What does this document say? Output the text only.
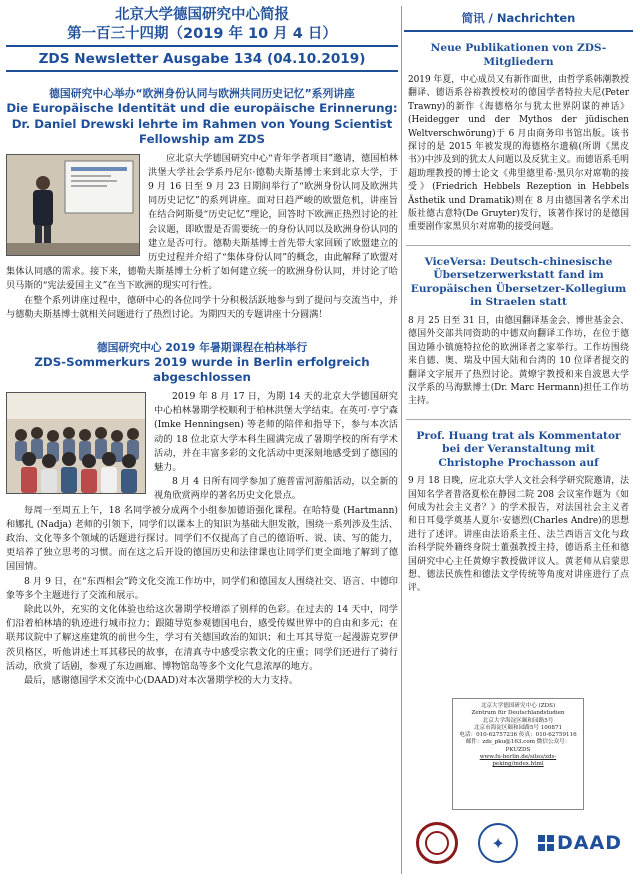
北京大学德国研究中心简报
第一百三十四期（2019 年 10 月 4 日）
ZDS Newsletter Ausgabe 134 (04.10.2019)
德国研究中心举办“欧洲身份认同与欧洲共同历史记忆”系列讲座
Die Europäische Identität und die europäische Erinnerung:
Dr. Daniel Drewski lehrte im Rahmen von Young Scientist
Fellowship am ZDS

应北京大学德国研究中心“青年学者项目”邀请，德国柏林洪堡大学社会学系丹尼尔·德勒夫斯基博士来到北京大学，于 9 月 16 日至 9 月 23 日期间举行了“欧洲身份认同及欧洲共同历史记忆”的系列讲座。面对日趋严峻的欧盟危机，讲座旨在结合阿斯曼“历史记忆”理论，回答时下欧洲正热烈讨论的社会议题，即欧盟是否需要统一的身份认同以及欧洲身份认同的建立是否可行。德勒夫斯基博士首先带大家回顾了欧盟建立的历史过程并介绍了“集体身份认同”的概念，由此解释了欧盟对集体认同感的需求。接下来，德勒夫斯基博士分析了如何建立统一的欧洲身份认同，并讨论了哈贝马斯的“宪法爱国主义”在当下欧洲的现实可行性。

在整个系列讲座过程中，德研中心的各位同学十分积极活跃地参与到了提问与交流当中，并与德勒夫斯基博士就相关问题进行了热烈讨论。为期四天的专题讲座十分圆满！

德国研究中心 2019 年暑期课程在柏林举行
ZDS-Sommerkurs 2019 wurde in Berlin erfolgreich abgeschlossen

2019 年 8 月 17 日，为期 14 天的北京大学德国研究中心柏林暑期学校顺利于柏林洪堡大学结束。在英可·亨宁森 (Imke Henningsen) 等老师的陪伴和指导下，参与本次活动的 18 位北京大学本科生圆满完成了暑期学校的所有学术活动，并在丰富多彩的文化活动中更深刻地感受到了德国的魅力。

8 月 4 日所有同学参加了施普雷河游船活动，以全新的视角欣赏两岸的著名历史文化景点。

每周一至周五上午，18 名同学被分成两个小组参加德语强化课程。在哈特曼 (Hartmann) 和娜扎 (Nadja) 老师的引领下，同学们以课本上的知识为基础大胆发散，围绕一系列涉及生活、政治、文化等多个领域的话题进行探讨。同学们不仅提高了自己的德语听、说、读、写的能力，更培养了独立思考的习惯。而在这之后开设的德国历史和法律课也让同学们更全面地了解到了德国国情。

8 月 9 日，在“东西相会”跨文化交流工作坊中，同学们和德国友人围绕社交、语言、中德印象等多个主题进行了交流和展示。

除此以外，充实的文化体验也给这次暑期学校增添了别样的色彩。在过去的 14 天中，同学们沿着柏林墙的轨迹进行城市拉力；跟随导览参观德国电台，感受传媒世界中的自由和多元；在联邦议院中了解这座建筑的前世今生，学习有关德国政治的知识；和土耳其导览一起漫游克罗伊茨贝格区，听他讲述土耳其移民的故事，在清真寺中感受宗教文化的庄重；同学们还进行了骑行活动，欣赏了话剧，参观了东边画廊、博物馆岛等多个文化气息浓厚的地方。

最后，感谢德国学术交流中心(DAAD)对本次暑期学校的大力支持。

简讯 / Nachrichten
Neue Publikationen von ZDS-Mitgliedern

2019 年夏，中心成员又有新作面世，由哲学系韩潮教授翻译、德语系谷裕教授校对的德国学者特拉夫尼(Peter Trawny)的新作《海德格尔与犹太世界阴谋的神话》(Heidegger und der Mythos der jüdischen Weltverschwörung)于 6 月由商务印书馆出版。该书探讨的是 2015 年被发现的海德格尔遗稿(所谓《黑皮书》)中涉及到的犹太人问题以及反犹主义。而德语系毛明超助理教授的博士论文《弗里德里希·黑贝尔对席勒的接受》(Friedrich Hebbels Rezeption in Hebbels Ästhetik und Dramatik)则在 8 月由德国著名学术出版社德古意特(De Gruyter)发行，该著作探讨的是德国重要剧作家黑贝尔对席勒的接受问题。

ViceVersa: Deutsch-chinesische Übersetzerwerkstatt fand im Europäischen Übersetzer-Kollegium in Straelen statt

8 月 25 日至 31 日，由德国翻译基金会、博世基金会、德国外交部共同资助的中德双向翻译工作坊，在位于德国边陲小镇施特拉伦的欧洲译者之家举行。工作坊围绕来自德、奥、瑞及中国大陆和台湾的 10 位译者提交的翻译文字展开了热烈讨论。黄燎宇教授和来自波恩大学汉学系的马海默博士(Dr. Marc Hermann)担任工作坊主持。

Prof. Huang trat als Kommentator bei der Veranstaltung mit Christophe Prochasson auf

9 月 18 日晚，应北京大学人文社会科学研究院邀请，法国知名学者普洛夏松在静园二院 208 会议室作题为《如何成为社会主义者？》的学术报告，对法国社会主义者和日耳曼学奠基人夏尔·安德烈(Charles Andre)的思想进行了述评。讲座由法语系主任、法兰西语言文化与政治科学院外籍终身院士董强教授主持，德语系主任和德国研究中心主任黄燎宇教授做评议人。黄老师从启蒙思想、德法民族性和德法文学传统等角度对讲座进行了点评。

北京大学德国研究中心 (ZDS)
Zentrum für Deutschlandstudien
北京大学海淀区颐和园路5号
北京市海淀区颐和园路5号 100871
电话：010-62757236 传真：010-62759116
邮件：zds_pku@163.com 微信公众号：PKUZDS
www.fu-berlin.de/sites/zds-peking/index.html
✦	DAAD
